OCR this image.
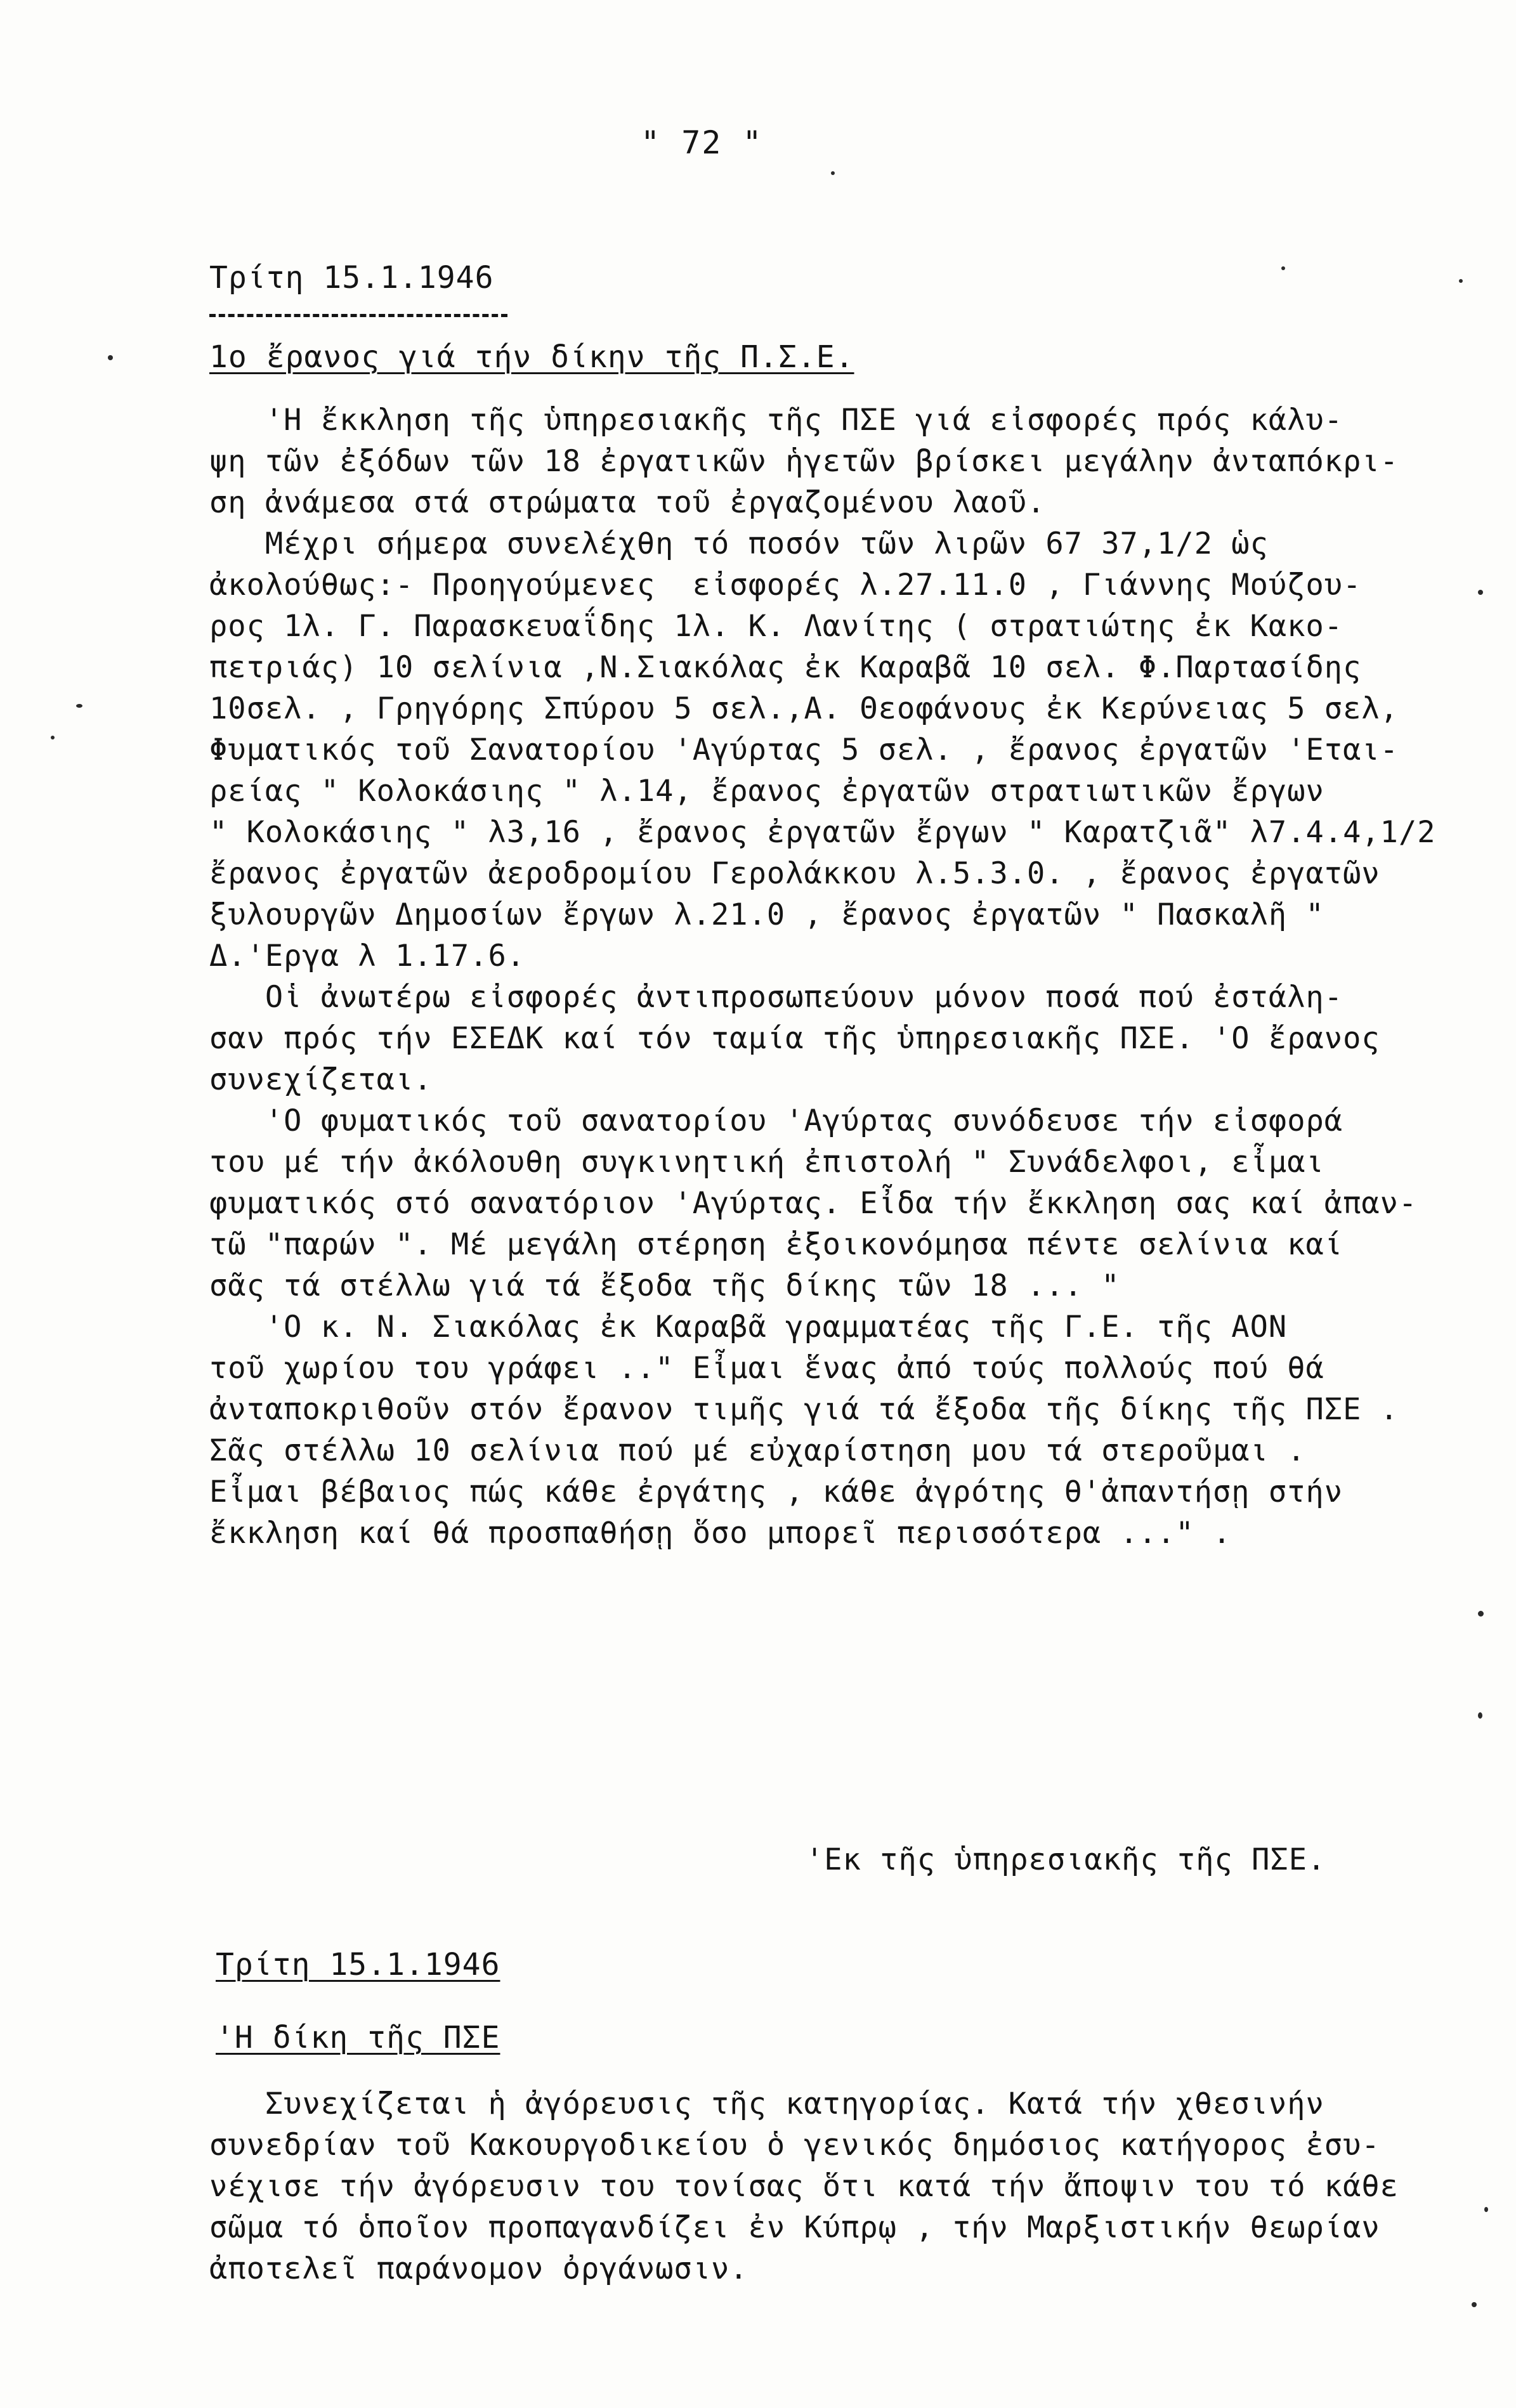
" 72 "
Τρίτη 15.1.1946
1ο ἔρανος γιά τήν δίκην τῆς Π.Σ.Ε.
'Η ἔκκληση τῆς ὑπηρεσιακῆς τῆς ΠΣΕ γιά εἰσφορές πρός κάλυ-
ψη τῶν ἐξόδων τῶν 18 ἐργατικῶν ἡγετῶν βρίσκει μεγάλην ἀνταπόκρι-
ση ἀνάμεσα στά στρώματα τοῦ ἐργαζομένου λαοῦ.
Μέχρι σήμερα συνελέχθη τό ποσόν τῶν λιρῶν 67 37,1/2 ὡς
ἀκολούθως:- Προηγούμενες  εἰσφορές λ.27.11.0 , Γιάννης Μούζου-
ρος 1λ. Γ. Παρασκευαΐδης 1λ. Κ. Λανίτης ( στρατιώτης ἐκ Κακο-
πετριάς) 10 σελίνια ,Ν.Σιακόλας ἐκ Καραβᾶ 10 σελ. Φ.Παρτασίδης
10σελ. , Γρηγόρης Σπύρου 5 σελ.,Α. Θεοφάνους ἐκ Κερύνειας 5 σελ,
Φυματικός τοῦ Σανατορίου 'Αγύρτας 5 σελ. , ἔρανος ἐργατῶν 'Εται-
ρείας " Κολοκάσιης " λ.14, ἔρανος ἐργατῶν στρατιωτικῶν ἔργων
" Κολοκάσιης " λ3,16 , ἔρανος ἐργατῶν ἔργων " Καρατζιᾶ" λ7.4.4,1/2
ἔρανος ἐργατῶν ἀεροδρομίου Γερολάκκου λ.5.3.0. , ἔρανος ἐργατῶν
ξυλουργῶν Δημοσίων ἔργων λ.21.0 , ἔρανος ἐργατῶν " Πασκαλῆ "
Δ.'Εργα λ 1.17.6.
Οἱ ἀνωτέρω εἰσφορές ἀντιπροσωπεύουν μόνον ποσά πού ἐστάλη-
σαν πρός τήν ΕΣΕΔΚ καί τόν ταμία τῆς ὑπηρεσιακῆς ΠΣΕ. 'Ο ἔρανος
συνεχίζεται.
'Ο φυματικός τοῦ σανατορίου 'Αγύρτας συνόδευσε τήν εἰσφορά
του μέ τήν ἀκόλουθη συγκινητική ἐπιστολή " Συνάδελφοι, εἶμαι
φυματικός στό σανατόριον 'Αγύρτας. Εἶδα τήν ἔκκληση σας καί ἀπαν-
τῶ "παρών ". Μέ μεγάλη στέρηση ἐξοικονόμησα πέντε σελίνια καί
σᾶς τά στέλλω γιά τά ἔξοδα τῆς δίκης τῶν 18 ... "
'Ο κ. Ν. Σιακόλας ἐκ Καραβᾶ γραμματέας τῆς Γ.Ε. τῆς ΑΟΝ
τοῦ χωρίου του γράφει .." Εἶμαι ἕνας ἀπό τούς πολλούς πού θά
ἀνταποκριθοῦν στόν ἔρανον τιμῆς γιά τά ἔξοδα τῆς δίκης τῆς ΠΣΕ .
Σᾶς στέλλω 10 σελίνια πού μέ εὐχαρίστηση μου τά στεροῦμαι .
Εἶμαι βέβαιος πώς κάθε ἐργάτης , κάθε ἀγρότης θ'ἀπαντήσῃ στήν
ἔκκληση καί θά προσπαθήσῃ ὅσο μπορεῖ περισσότερα ..." .
'Εκ τῆς ὑπηρεσιακῆς τῆς ΠΣΕ.
Τρίτη 15.1.1946
'Η δίκη τῆς ΠΣΕ
Συνεχίζεται ἡ ἀγόρευσις τῆς κατηγορίας. Κατά τήν χθεσινήν
συνεδρίαν τοῦ Κακουργοδικείου ὁ γενικός δημόσιος κατήγορος ἐσυ-
νέχισε τήν ἀγόρευσιν του τονίσας ὅτι κατά τήν ἄποψιν του τό κάθε
σῶμα τό ὁποῖον προπαγανδίζει ἐν Κύπρῳ , τήν Μαρξιστικήν θεωρίαν
ἀποτελεῖ παράνομον ὀργάνωσιν.
